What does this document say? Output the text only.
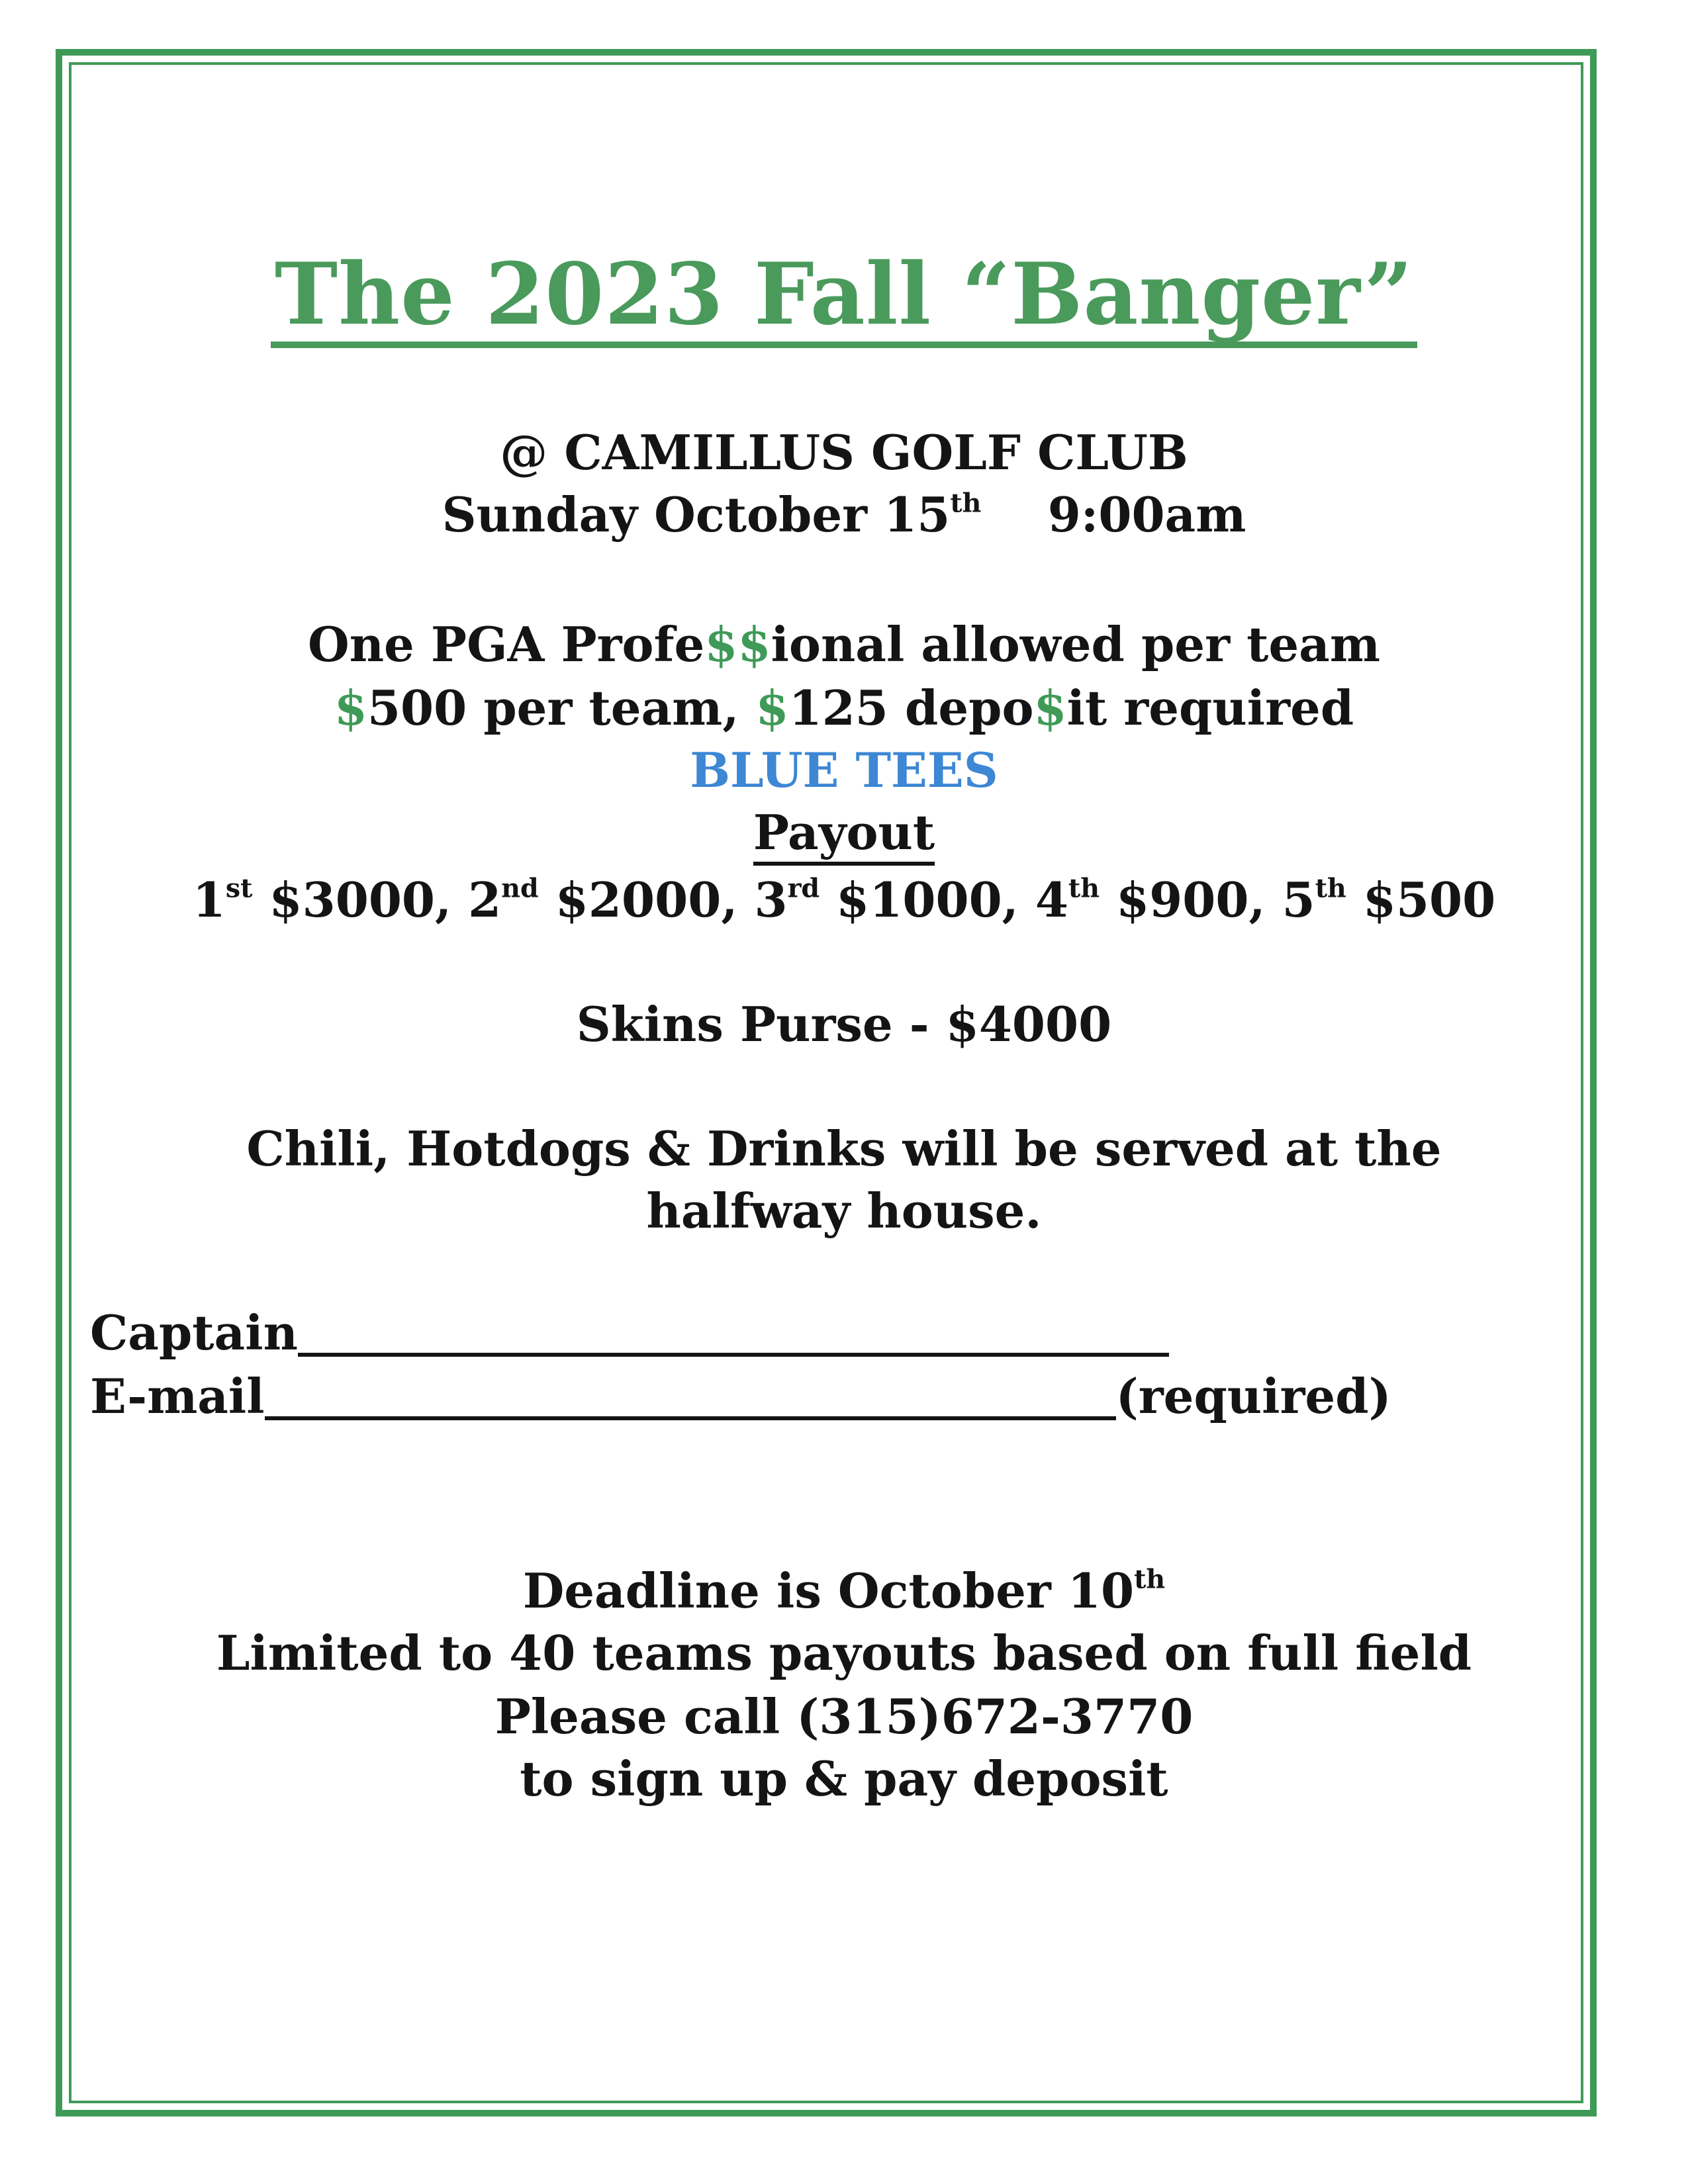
The 2023 Fall “Banger”
@ CAMILLUS GOLF CLUB
Sunday October 15th 9:00am
One PGA Profe$$ional allowed per team
$500 per team, $125 depo$it required
BLUE TEES
Payout
1st $3000, 2nd $2000, 3rd $1000, 4th $900, 5th $500
Skins Purse - $4000
Chili, Hotdogs & Drinks will be served at the
halfway house.
Captain
E-mail	(required)
Deadline is October 10th
Limited to 40 teams payouts based on full field
Please call (315)672-3770
to sign up & pay deposit
